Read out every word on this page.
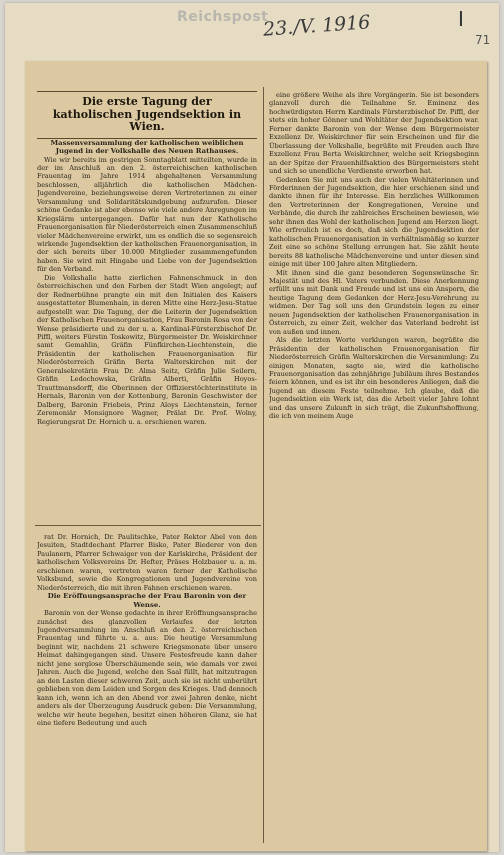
Reichspost
23./V. 1916	I
71

Die erste Tagung der katholischen Jugendsektion in Wien.

Massenversammlung der katholischen weiblichen Jugend in der Volkshalle des Neuen Rathauses.

Wie wir bereits im gestrigen Sonntagblatt mitteilten, wurde in der im Anschluß an den 2. österreichischen katholischen Frauentag im Jahre 1914 abgehaltenen Versammlung beschlossen, alljährlich die katholischen Mädchen-Jugendvereine, beziehungsweise deren Vertreterinnen zu einer Versammlung und Solidaritätskundgebung aufzurufen. Dieser schöne Gedanke ist aber ebenso wie viele andere Anregungen im Kriegslärm untergegangen. Dafür hat nun der Katholische Frauenorganisation für Niederösterreich einen Zusammenschluß vieler Mädchenvereine erwirkt, um es endlich die so segensreich wirkende Jugendsektion der katholischen Frauenorganisation, in der sich bereits über 10.000 Mitglieder zusammengefunden haben. Sie wird mit Hingabe und Liebe von der Jugendsektion für den Verband.

Die Volkshalle hatte zierlichen Fahnenschmuck in den österreichischen und den Farben der Stadt Wien angelegt; auf der Rednerbühne prangte ein mit den Initialen des Kaisers ausgestatteter Blumenhain, in deren Mitte eine Herz-Jesu-Statue aufgestellt war. Die Tagung, der die Leiterin der Jugendsektion der Katholischen Frauenorganisation, Frau Baronin Rosa von der Wense präsidierte und zu der u. a. Kardinal-Fürsterzbischof Dr. Piffl, weiters Fürstin Toskowitz, Bürgermeister Dr. Weiskirchner samt Gemahlin, Gräfin Fünfkirchen-Liechtenstein, die Präsidentin der katholischen Frauenorganisation für Niederösterreich Gräfin Berta Walterskirchen mit der Generalsekretärin Frau Dr. Alma Seitz, Gräfin Julie Seilern, Gräfin Ledochowska, Gräfin Alberti, Gräfin Hoyos-Trauttmansdorff, die Oberinnen der Offizierstöchterinstitute in Hernals, Baronin von der Kottenburg, Baronin Geschwister der Dalberg, Baronin Friebeis, Prinz Aloys Liechtenstein, ferner Zeremoniär Monsignore Wagner, Prälat Dr. Prof. Wolny, Regierungsrat Dr. Hornich u. a. erschienen waren.

rat Dr. Hornich, Dr. Paulitschke, Pater Rektor Abel von den Jesuiten, Stadtdechant Pfarrer Bisko, Pater Biederer von den Paulanern, Pfarrer Schwaiger von der Karlskirche, Präsident der katholischen Volksvereins Dr. Hefter, Präses Holzbauer u. a. m. erschienen waren, vertreten waren ferner der Katholische Volksbund, sowie die Kongregationen und Jugendvereine von Niederösterreich, die mit ihren Fahnen erschienen waren.

Die Eröffnungsansprache der Frau Baronin von der Wense.

Baronin von der Wense gedachte in ihrer Eröffnungsansprache zunächst des glanzvollen Verlaufes der letzten Jugendversammlung im Anschluß an den 2. österreichischen Frauentag und führte u. a. aus: Die heutige Versammlung beginnt wir, nachdem 21 schwere Kriegsmonate über unsere Heimat dahingegangen sind. Unsere Festesfreude kann daher nicht jene sorglose Überschäumende sein, wie damals vor zwei Jahren. Auch die Jugend, welche den Saal füllt, hat mitzutragen an den Lasten dieser schweren Zeit, auch sie ist nicht unberührt geblieben von dem Leiden und Sorgen des Krieges. Und dennoch kann ich, wenn ich an den Abend vor zwei Jahren denke, nicht anders als der Überzeugung Ausdruck geben: Die Versammlung, welche wir heute begehen, besitzt einen höheren Glanz, sie hat eine tiefere Bedeutung und auch

eine größere Weihe als ihre Vorgängerin. Sie ist besonders glanzvoll durch die Teilnahme Sr. Eminenz des hochwürdigsten Herrn Kardinals Fürsterzbischof Dr. Piffl, der stets ein hoher Gönner und Wohltäter der Jugendsektion war. Ferner dankte Baronin von der Wense dem Bürgermeister Exzellenz Dr. Weiskirchner für sein Erscheinen und für die Überlassung der Volkshalle, begrüßte mit Freuden auch Ihre Exzellenz Frau Berta Weiskirchner, welche seit Kriegsbeginn an der Spitze der Frauenhilfsaktion des Bürgermeisters steht und sich so unendliche Verdienste erworben hat.

Gedenken Sie mit uns auch der vielen Wohltäterinnen und Förderinnen der Jugendsektion, die hier erschienen sind und dankte ihnen für ihr Interesse. Ein herzliches Willkommen den Vertreterinnen der Kongregationen, Vereine und Verbände, die durch ihr zahlreiches Erscheinen bewiesen, wie sehr ihnen das Wohl der katholischen Jugend am Herzen liegt. Wie erfreulich ist es doch, daß sich die Jugendsektion der katholischen Frauenorganisation in verhältnismäßig so kurzer Zeit eine so schöne Stellung errungen hat. Sie zählt heute bereits 88 katholische Mädchenvereine und unter diesen sind einige mit über 100 Jahre alten Mitgliedern.

Mit ihnen sind die ganz besonderen Segenswünsche Sr. Majestät und des Hl. Vaters verbunden. Diese Anerkennung erfüllt uns mit Dank und Freude und ist uns ein Ansporn, die heutige Tagung dem Gedanken der Herz-Jesu-Verehrung zu widmen. Der Tag soll uns den Grundstein legen zu einer neuen Jugendsektion der katholischen Frauenorganisation in Österreich, zu einer Zeit, welcher das Vaterland bedroht ist von außen und innen.

Als die letzten Worte verklungen waren, begrüßte die Präsidentin der katholischen Frauenorganisation für Niederösterreich Gräfin Walterskirchen die Versammlung: Zu einigen Monaten, sagte sie, wird die katholische Frauenorganisation das zehnjährige Jubiläum ihres Bestandes feiern können, und es ist ihr ein besonderes Anliegen, daß die Jugend an diesem Feste teilnehme. Ich glaube, daß die Jugendsektion ein Werk ist, das die Arbeit vieler Jahre lohnt und das unsere Zukunft in sich trägt, die Zukunftshoffnung, die ich von meinem Auge
